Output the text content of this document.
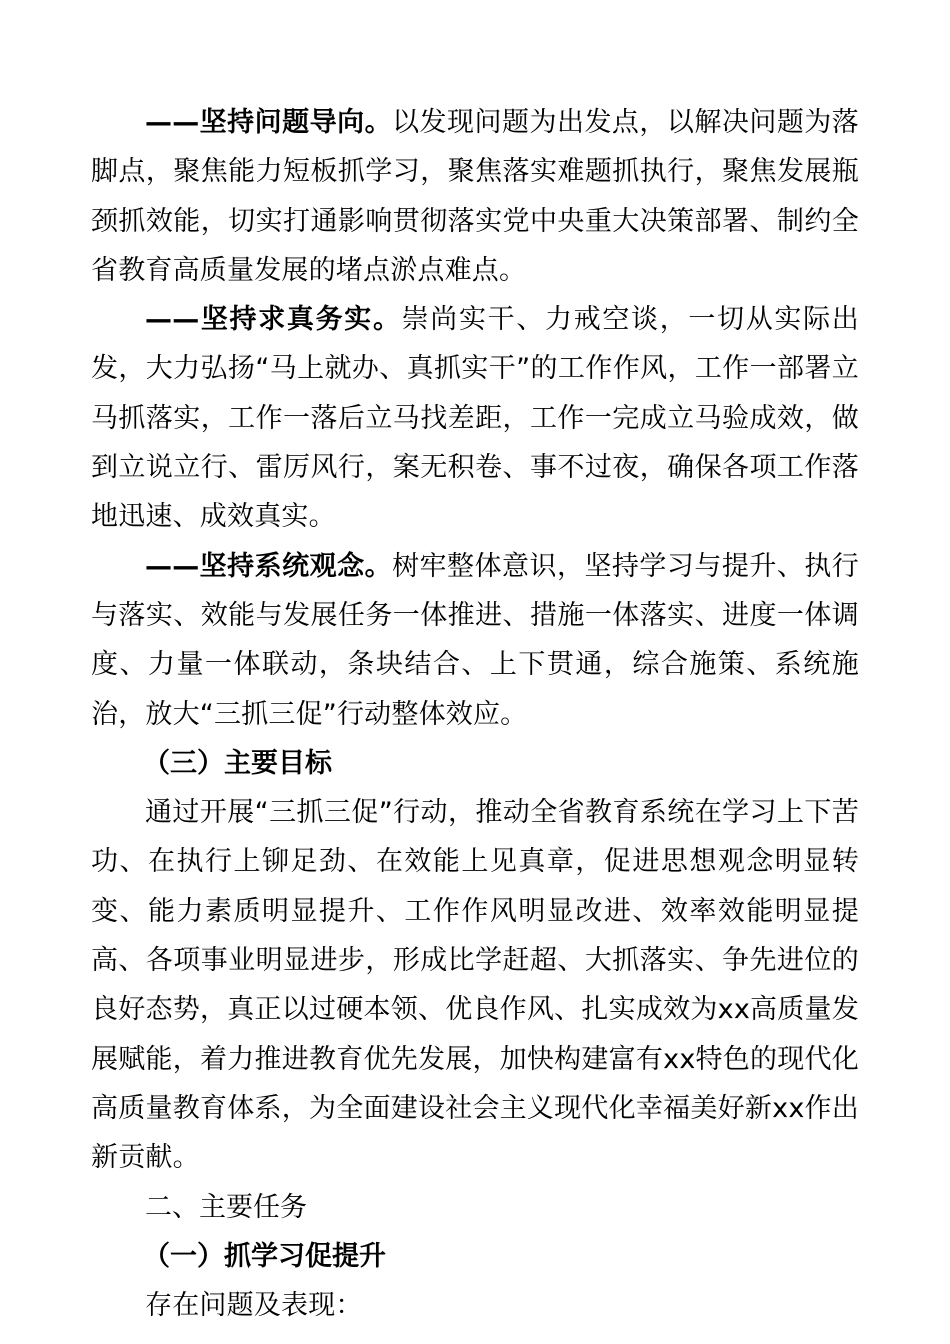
——坚持问题导向。以发现问题为出发点，以解决问题为落脚点，聚焦能力短板抓学习，聚焦落实难题抓执行，聚焦发展瓶颈抓效能，切实打通影响贯彻落实党中央重大决策部署、制约全省教育高质量发展的堵点淤点难点。

——坚持求真务实。崇尚实干、力戒空谈，一切从实际出发，大力弘扬“马上就办、真抓实干”的工作作风，工作一部署立马抓落实，工作一落后立马找差距，工作一完成立马验成效，做到立说立行、雷厉风行，案无积卷、事不过夜，确保各项工作落地迅速、成效真实。

——坚持系统观念。树牢整体意识，坚持学习与提升、执行与落实、效能与发展任务一体推进、措施一体落实、进度一体调度、力量一体联动，条块结合、上下贯通，综合施策、系统施治，放大“三抓三促”行动整体效应。

（三）主要目标

通过开展“三抓三促”行动，推动全省教育系统在学习上下苦功、在执行上铆足劲、在效能上见真章，促进思想观念明显转变、能力素质明显提升、工作作风明显改进、效率效能明显提高、各项事业明显进步，形成比学赶超、大抓落实、争先进位的良好态势，真正以过硬本领、优良作风、扎实成效为xx高质量发展赋能，着力推进教育优先发展，加快构建富有xx特色的现代化高质量教育体系，为全面建设社会主义现代化幸福美好新xx作出新贡献。

二、主要任务

（一）抓学习促提升

存在问题及表现：
